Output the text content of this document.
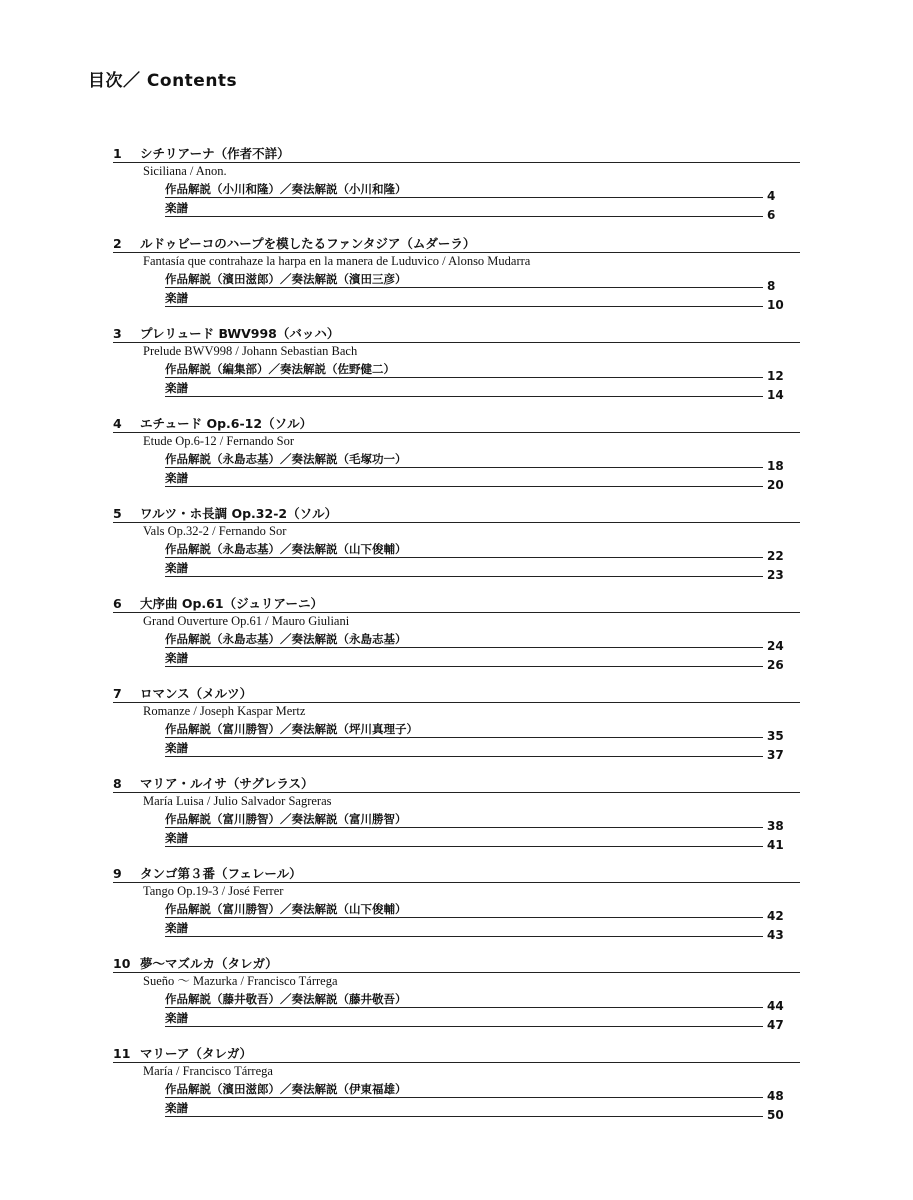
目次／ Contents
1 シチリアーナ（作者不詳）
Siciliana / Anon.
作品解説（小川和隆）／奏法解説（小川和隆）	4
楽譜	6
2 ルドゥビーコのハープを模したるファンタジア（ムダーラ）
Fantasía que contrahaze la harpa en la manera de Luduvico / Alonso Mudarra
作品解説（濱田滋郎）／奏法解説（濱田三彦）	8
楽譜	10
3 プレリュード BWV998（バッハ）
Prelude BWV998 / Johann Sebastian Bach
作品解説（編集部）／奏法解説（佐野健二）	12
楽譜	14
4 エチュード Op.6-12（ソル）
Etude Op.6-12 / Fernando Sor
作品解説（永島志基）／奏法解説（毛塚功一）	18
楽譜	20
5 ワルツ・ホ長調 Op.32-2（ソル）
Vals Op.32-2 / Fernando Sor
作品解説（永島志基）／奏法解説（山下俊輔）	22
楽譜	23
6 大序曲 Op.61（ジュリアーニ）
Grand Ouverture Op.61 / Mauro Giuliani
作品解説（永島志基）／奏法解説（永島志基）	24
楽譜	26
7 ロマンス（メルツ）
Romanze / Joseph Kaspar Mertz
作品解説（富川勝智）／奏法解説（坪川真理子）	35
楽譜	37
8 マリア・ルイサ（サグレラス）
María Luisa / Julio Salvador Sagreras
作品解説（富川勝智）／奏法解説（富川勝智）	38
楽譜	41
9 タンゴ第３番（フェレール）
Tango Op.19-3 / José Ferrer
作品解説（富川勝智）／奏法解説（山下俊輔）	42
楽譜	43
10 夢～マズルカ（タレガ）
Sueño 〜 Mazurka / Francisco Tárrega
作品解説（藤井敬吾）／奏法解説（藤井敬吾）	44
楽譜	47
11 マリーア（タレガ）
María / Francisco Tárrega
作品解説（濱田滋郎）／奏法解説（伊東福雄）	48
楽譜	50
